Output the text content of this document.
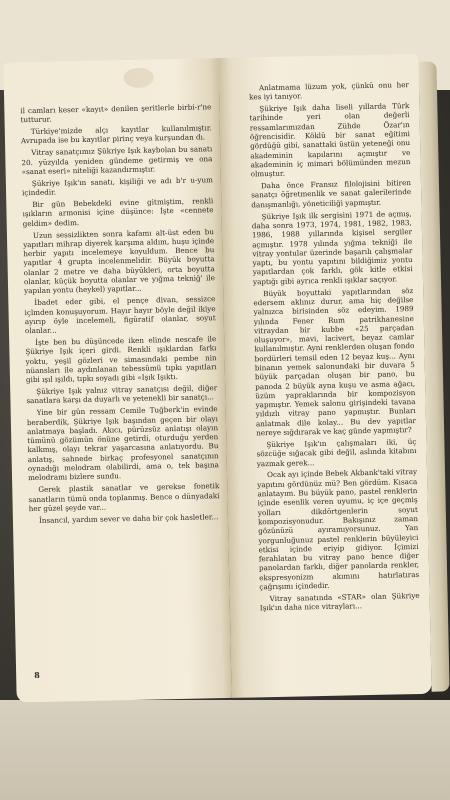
il camları keser «kayıt» denilen şeritlerle birbi-r'ne tutturur.

Türkiye'mizde alçı kayıtlar kullanılmıştır. Avrupada ise bu kayıtlar pirinç veya kurşundan dı.

Vitray sanatçımız Şükriye Işık kaybolan bu sanatı 20. yüzyılda yeniden gündeme getirmiş ve ona «sanat eseri» niteliği kazandırmıştır.

Şükriye Işık'ın sanatı, kişiliği ve adı b'r u-yum içindedir.

Bir gün Bebekdeki evine gitmiştim, renkli ışıkların armonisi içine düşünce: İşte «cennete geldim» dedim.

Uzun sessizlikten sonra kafamı alt-üst eden bu yapıtları mihrap diyerek karşıma aldım, huşu içinde herbir yapıtı incelemeye koyuldum. Bence bu yapıtlar 4 grupta incelenmelidir. Büyük boyutta olanlar 2 metre ve daha büyükleri, orta boyutta olanlar, küçük boyutta olanlar ve yığma tekniğ' ile yapılan yontu (heykel) yapıtlar...

İbadet eder gibi, el pençe divan, sessizce içlmden konuşuyorum. Hayır hayır böyle değil ikiye ayırıp öyle incelemeli, figüratif olanlar, soyut olanlar...

İşte ben bu düşüncede iken elinde nescafe ile Şükriye Işık içeri girdi. Renkli ışıklardan farkı yoktu, yeşil gözleri ve simasındaki pembe nin nüansları ile aydınlanan tebessümü tıpkı yapıtları gibi ışıl ışıldı, tıpkı soyadı gibi «Işık Işıktı.

Şükriye Işık yalnız vitray sanatçısı değil, diğer sanatlara karşı da duyarlı ve yetenekli bir sanatçı...

Yine bir gün ressam Cemile Tuğberk'in evinde beraberdik, Şükriye Işık başından geçen bir olayı anlatmaya başladı. Akıcı, pürüzsüz anlatışı olayın tümünü gözümün önüne getirdi, oturduğu yerden kalkmış, olayı tekrar yaşarcasına anlatıyordu. Bu anlatış, sahnede birkaç profesyonel sanatçının oynadığı melodram olabilirdi, ama o, tek başına melodramı bizlere sundu.

Gerek plastik sanatlar ve gerekse fonetik sanatların tümü onda toplanmış. Bence o dünyadaki her güzel şeyde var...

İnsancıl, yardım sever ve daha bir çok hasletler...

8

Anlatmama lüzum yok, çünkü onu her kes iyi tanıyor.

Şükriye Işık daha liseli yıllarda Türk tarihinde yeri olan değerli ressamlarımızdan Zühde Özar'ın öğrencisidir. Köklü bir sanat eğitimi gördüğü gibi, sanattaki üstün yeteneği onu akademinin kapılarını açmıştır ve akademinin iç mimari bölümünden mezun olmuştur.

Daha önce Fransız filolojisini bitiren sanatçı öğretmenlik ve sanat galerilerinde danışmanlığı, yöneticiliği yapmıştır.

Şükriye Işık ilk sergisini 1971 de açmış, daha sonra 1973, 1974, 1981, 1982, 1983, 1986, 1988 yıllarında kişisel sergiler açmıştır. 1978 yılında yığma tekniği ile vitray yontular üzerinde başarılı çalışmalar yaptı, bu yontu yapıtını bildiğimiz yontu yapıtlardan çok farklı, gök kitle etkisi yaptığı gibi ayrıca renkli ışıklar saçıyor.

Büyük boyuttaki yapıtlarından söz edersem aklınız durur, ama hiç değilse yalnızca birisinden söz edeyim. 1989 yılında Fener Rum patrikhanesine vitraydan bir kubbe «25 parçadan oluşuyor», mavi, lacivert, beyaz camlar kullanılmıştır. Ayni renklerden oluşan fondo bordürleri temsil eden 12 beyaz kuş... Aynı binanın yemek salonundaki bir duvara 5 büyük parçadan oluşan bir pano, bu panoda 2 büyük ayna kuşu ve asma ağacı, üzüm yapraklarında bir kompozisyon yapmıştır. Yemek salonu girişindeki tavana yıldızlı vitray pano yapmıştır. Bunları anlatmak dile kolay... Bu dev yapıtlar nereye sığdırarak ve kaç günde yapmıştır?

Şükriye Işık'ın çalışmaları iki, üç sözcüğe sığacak gibi değil, aslında kitabını yazmak gerek...

Ocak ayı içinde Bebek Akbank'taki vitray yapıtını gördünüz mü? Ben gördüm. Kısaca anlatayım. Bu büyük pano, pastel renklerin içinde esenlik veren uyumu, iç içe geçmiş yolları dikdörtgenlerin soyut kompozisyonudur. Bakışınız zaman gözünüzü ayıramıyorsunuz. Yan yorgunluğunuz pastel renklerin büyüleyici etkisi içinde eriyip gidiyor. İçimizi ferahlatan bu vitray pano bence diğer panolardan farklı, diğer panolarda renkler, ekspresyonizm akımını hatırlatıras çağrışımı içindedir.

Vitray sanatında «STAR» olan Şükriye Işık'ın daha nice vitrayları...
